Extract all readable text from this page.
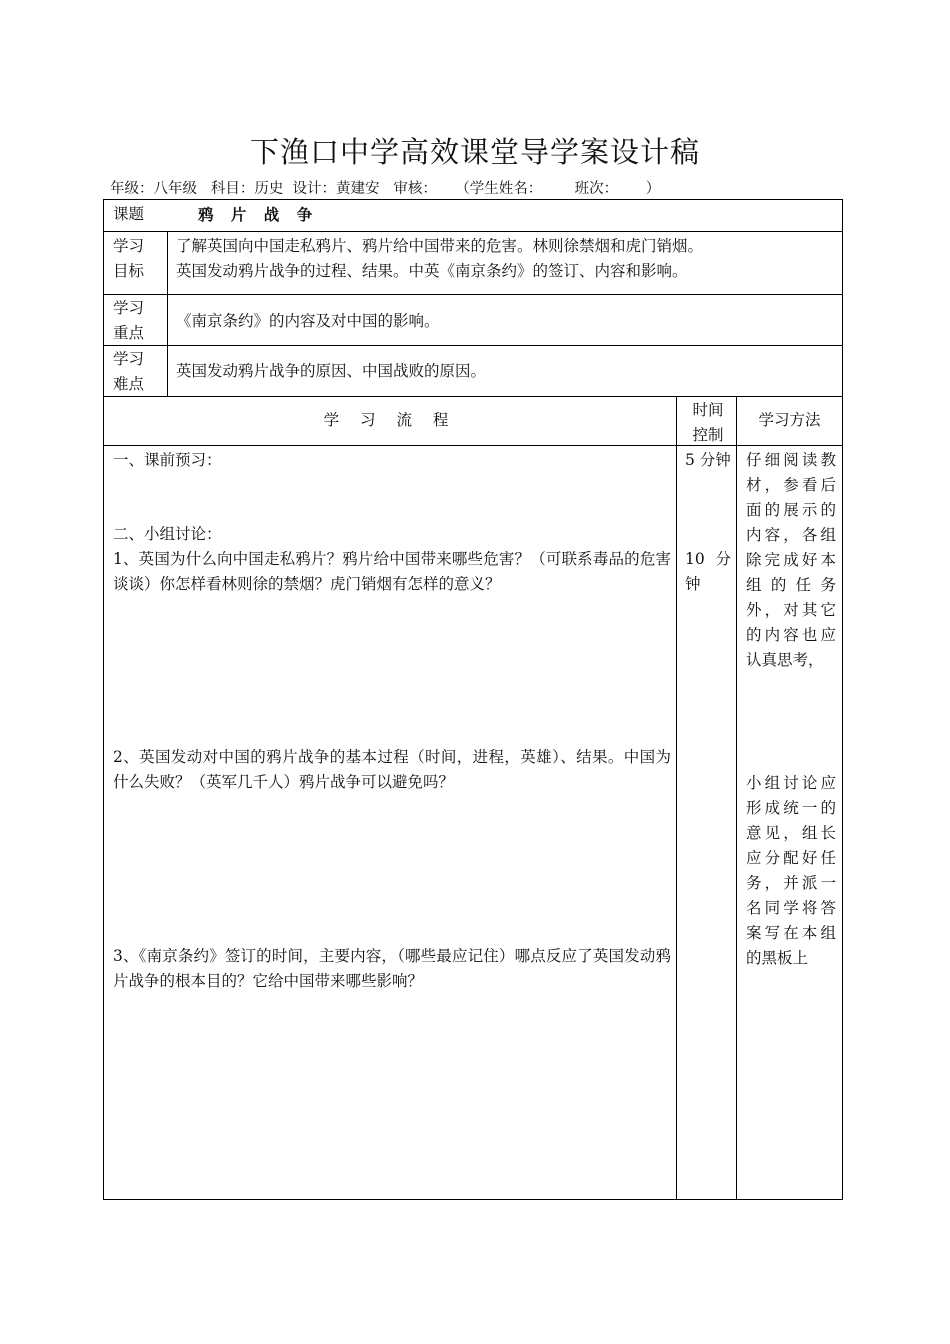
下渔口中学高效课堂导学案设计稿
年级：八年级   科目：历史  设计：黄建安   审核：    （学生姓名：       班次：      ）
课题	鸦 片 战 争
学习目标
了解英国向中国走私鸦片、鸦片给中国带来的危害。林则徐禁烟和虎门销烟。
英国发动鸦片战争的过程、结果。中英《南京条约》的签订、内容和影响。
学习重点
《南京条约》的内容及对中国的影响。
学习难点
英国发动鸦片战争的原因、中国战败的原因。
学 习 流 程
时间控制
学习方法
一、课前预习：
二、小组讨论：
1、英国为什么向中国走私鸦片？鸦片给中国带来哪些危害？（可联系毒品的危害谈谈）你怎样看林则徐的禁烟？虎门销烟有怎样的意义？
2、英国发动对中国的鸦片战争的基本过程（时间，进程，英雄）、结果。中国为什么失败？（英军几千人）鸦片战争可以避免吗？
3、《南京条约》签订的时间，主要内容，（哪些最应记住）哪点反应了英国发动鸦片战争的根本目的？它给中国带来哪些影响？
5 分钟
10 分钟
仔细阅读教材，参看后面的展示的内容，各组除完成好本组的任务外，对其它的内容也应认真思考，
小组讨论应形成统一的意见，组长应分配好任务，并派一名同学将答案写在本组的黑板上
